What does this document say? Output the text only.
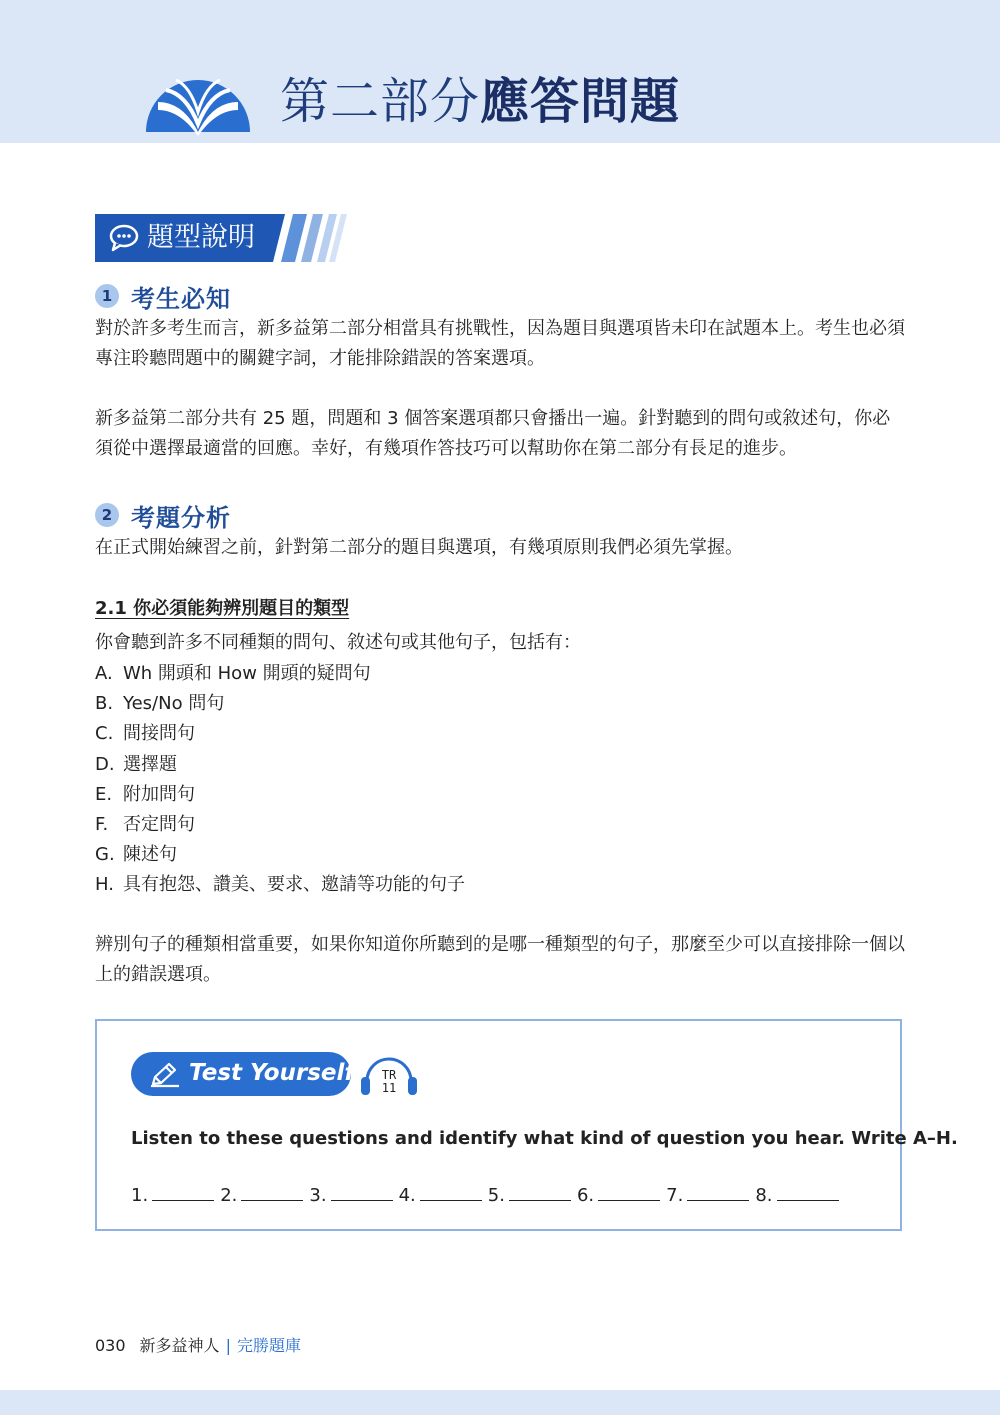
第二部分應答問題
題型說明
1 考生必知
對於許多考生而言，新多益第二部分相當具有挑戰性，因為題目與選項皆未印在試題本上。考生也必須專注聆聽問題中的關鍵字詞，才能排除錯誤的答案選項。
新多益第二部分共有 25 題，問題和 3 個答案選項都只會播出一遍。針對聽到的問句或敘述句，你必須從中選擇最適當的回應。幸好，有幾項作答技巧可以幫助你在第二部分有長足的進步。
2 考題分析
在正式開始練習之前，針對第二部分的題目與選項，有幾項原則我們必須先掌握。
2.1 你必須能夠辨別題目的類型
你會聽到許多不同種類的問句、敘述句或其他句子，包括有：
A. Wh 開頭和 How 開頭的疑問句
B. Yes/No 問句
C. 間接問句
D. 選擇題
E. 附加問句
F. 否定問句
G. 陳述句
H. 具有抱怨、讚美、要求、邀請等功能的句子
辨別句子的種類相當重要，如果你知道你所聽到的是哪一種類型的句子，那麼至少可以直接排除一個以上的錯誤選項。
Test Yourself	TR
11
Listen to these questions and identify what kind of question you hear. Write A–H.
1.	2.	3.	4.	5.	6.	7.	8.
030 新多益神人 | 完勝題庫
